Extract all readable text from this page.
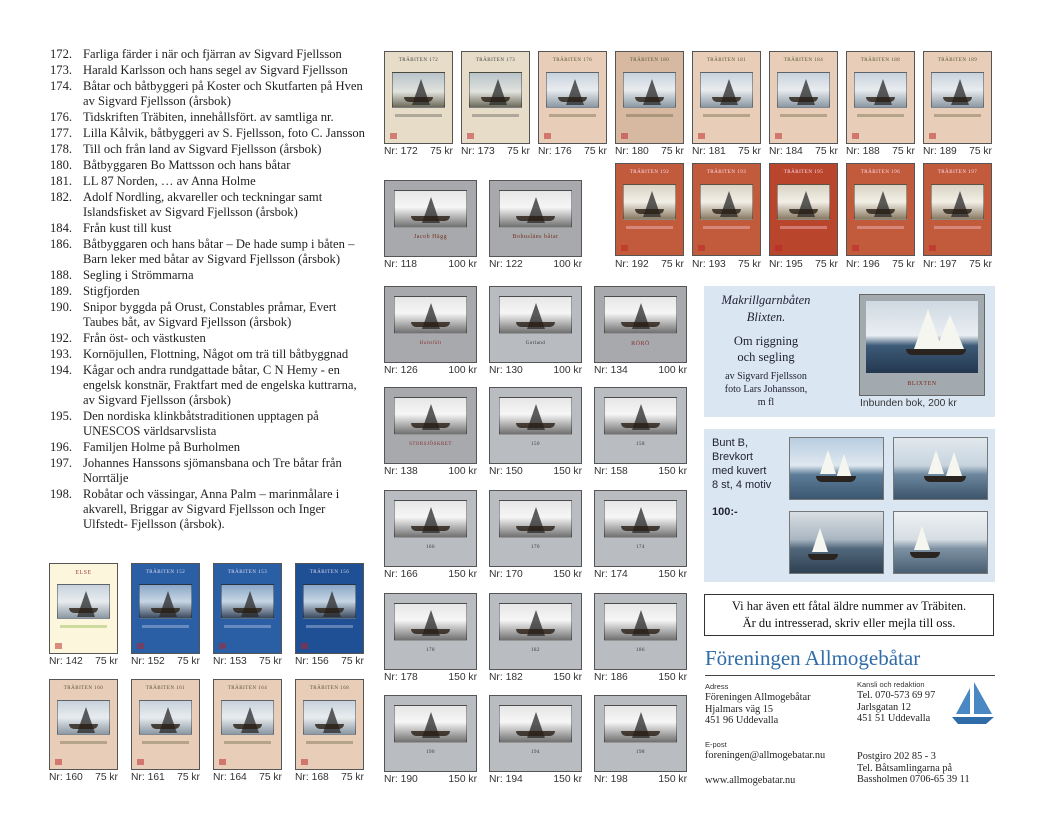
172. Farliga färder i när och fjärran av Sigvard Fjellsson
173. Harald Karlsson och hans segel av Sigvard Fjellsson
174. Båtar och båtbyggeri på Koster och Skutfarten på Hven av Sigvard Fjellsson (årsbok)
176. Tidskriften Träbiten, innehållsfört. av samtliga nr.
177. Lilla Kålvik, båtbyggeri av S. Fjellsson, foto C. Jansson
178. Till och från land av Sigvard Fjellsson (årsbok)
180. Båtbyggaren Bo Mattsson och hans båtar
181. LL 87 Norden, … av Anna Holme
182. Adolf Nordling, akvareller och teckningar samt Islandsfisket av Sigvard Fjellsson (årsbok)
184. Från kust till kust
186. Båtbyggaren och hans båtar – De hade sump i båten – Barn leker med båtar av Sigvard Fjellsson (årsbok)
188. Segling i Strömmarna
189. Stigfjorden
190. Snipor byggda på Orust, Constables pråmar, Evert Taubes båt, av Sigvard Fjellsson (årsbok)
192. Från öst- och västkusten
193. Kornöjullen, Flottning, Något om trä till båtbyggnad
194. Kågar och andra rundgattade båtar, C N Hemy - en engelsk konstnär, Fraktfart med de engelska kuttrarna, av Sigvard Fjellsson (årsbok)
195. Den nordiska klinkbåtstraditionen upptagen på UNESCOS världsarvslista
196. Familjen Holme på Burholmen
197. Johannes Hanssons sjömansbana och Tre båtar från Norrtälje
198. Robåtar och vässingar, Anna Palm – marinmålare i akvarell, Briggar av Sigvard Fjellsson och Inger Ulfstedt- Fjellsson (årsbok).
TRÄBITEN 172	TRÄBITEN 173	TRÄBITEN 176	TRÄBITEN 180	TRÄBITEN 181	TRÄBITEN 184	TRÄBITEN 188	TRÄBITEN 189
Nr: 172 75 kr Nr: 173 75 kr Nr: 176 75 kr Nr: 180 75 kr Nr: 181 75 kr Nr: 184 75 kr Nr: 188 75 kr Nr: 189 75 kr
Jacob Hägg	Bohusläns båtar
Nr: 118	100 kr Nr: 122	100 kr
TRÄBITEN 192	TRÄBITEN 193	TRÄBITEN 195	TRÄBITEN 196	TRÄBITEN 197
Nr: 192 75 kr Nr: 193 75 kr Nr: 195 75 kr Nr: 196 75 kr Nr: 197 75 kr
Hultsfält	Gotland	RÖRÖ
Nr: 126	100 kr Nr: 130	100 kr Nr: 134	100 kr
STORSJÖSKRET	150	158
Nr: 138	100 kr Nr: 150	150 kr Nr: 158	150 kr
166	170	174
Nr: 166	150 kr Nr: 170	150 kr Nr: 174	150 kr
178	182	186
Nr: 178	150 kr Nr: 182	150 kr Nr: 186	150 kr
190	194	198
Nr: 190	150 kr Nr: 194	150 kr Nr: 198	150 kr
ELSE	TRÄBITEN 152	TRÄBITEN 153	TRÄBITEN 156
Nr: 142 75 kr Nr: 152 75 kr Nr: 153 75 kr Nr: 156 75 kr
TRÄBITEN 160	TRÄBITEN 161	TRÄBITEN 164	TRÄBITEN 168
Nr: 160 75 kr Nr: 161 75 kr Nr: 164 75 kr Nr: 168 75 kr
Makrillgarnbåten
Blixten.
Om riggning
och segling
av Sigvard Fjellsson
foto Lars Johansson,
m fl
BLIXTEN
Inbunden bok, 200 kr
Bunt B,
Brevkort
med kuvert
8 st, 4 motiv
100:-
Vi har även ett fåtal äldre nummer av Träbiten.
Är du intresserad, skriv eller mejla till oss.
Föreningen Allmogebåtar
Adress
Föreningen Allmogebåtar
Hjalmars väg 15
451 96 Uddevalla
Kansli och redaktion
Tel. 070-573 69 97
Jarlsgatan 12
451 51 Uddevalla
E-post
foreningen@allmogebatar.nu
www.allmogebatar.nu
Postgiro 202 85 - 3
Tel. Båtsamlingarna på
Bassholmen 0706-65 39 11
